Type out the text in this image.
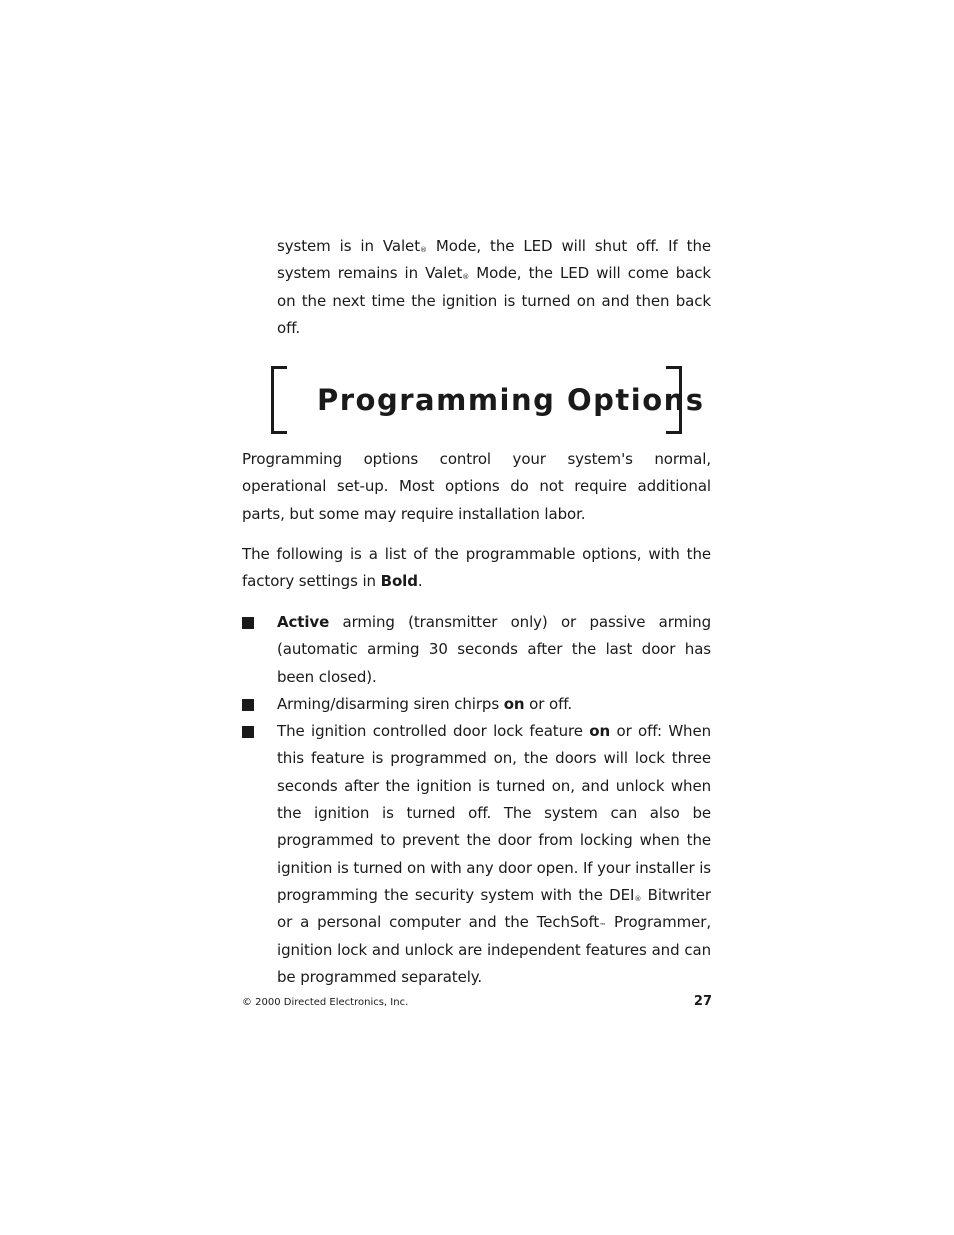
system is in Valet® Mode, the LED will shut off. If the system remains in Valet® Mode, the LED will come back on the next time the ignition is turned on and then back off.
Programming Options
Programming options control your system's normal, operational set-up. Most options do not require additional parts, but some may require installation labor.
The following is a list of the programmable options, with the factory settings in Bold.
Active arming (transmitter only) or passive arming (automatic arming 30 seconds after the last door has been closed).
Arming/disarming siren chirps on or off.
The ignition controlled door lock feature on or off: When this feature is programmed on, the doors will lock three seconds after the ignition is turned on, and unlock when the ignition is turned off. The system can also be programmed to prevent the door from locking when the ignition is turned on with any door open. If your installer is programming the security system with the DEI® Bitwriter or a personal computer and the TechSoft™ Programmer, ignition lock and unlock are independent features and can be programmed separately.
© 2000 Directed Electronics, Inc.	27
